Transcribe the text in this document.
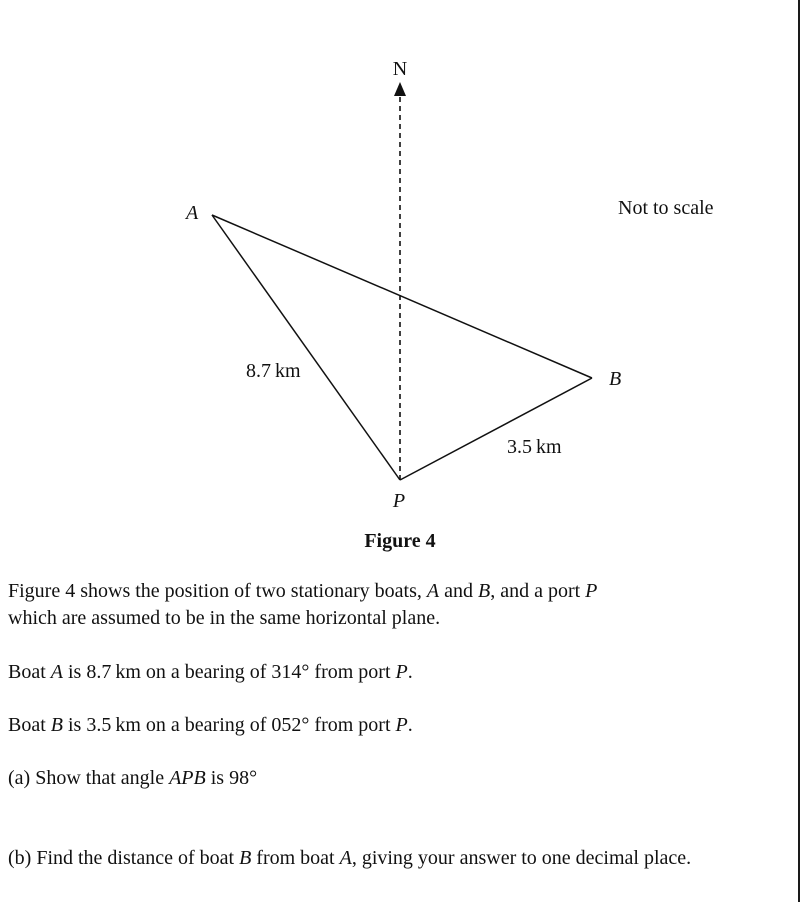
N
Not to scale
A
B
P
8.7 km
3.5 km
Figure 4

Figure 4 shows the position of two stationary boats, A and B, and a port P

which are assumed to be in the same horizontal plane.

Boat A is 8.7 km on a bearing of 314° from port P.

Boat B is 3.5 km on a bearing of 052° from port P.

(a) Show that angle APB is 98°

(b) Find the distance of boat B from boat A, giving your answer to one decimal place.
